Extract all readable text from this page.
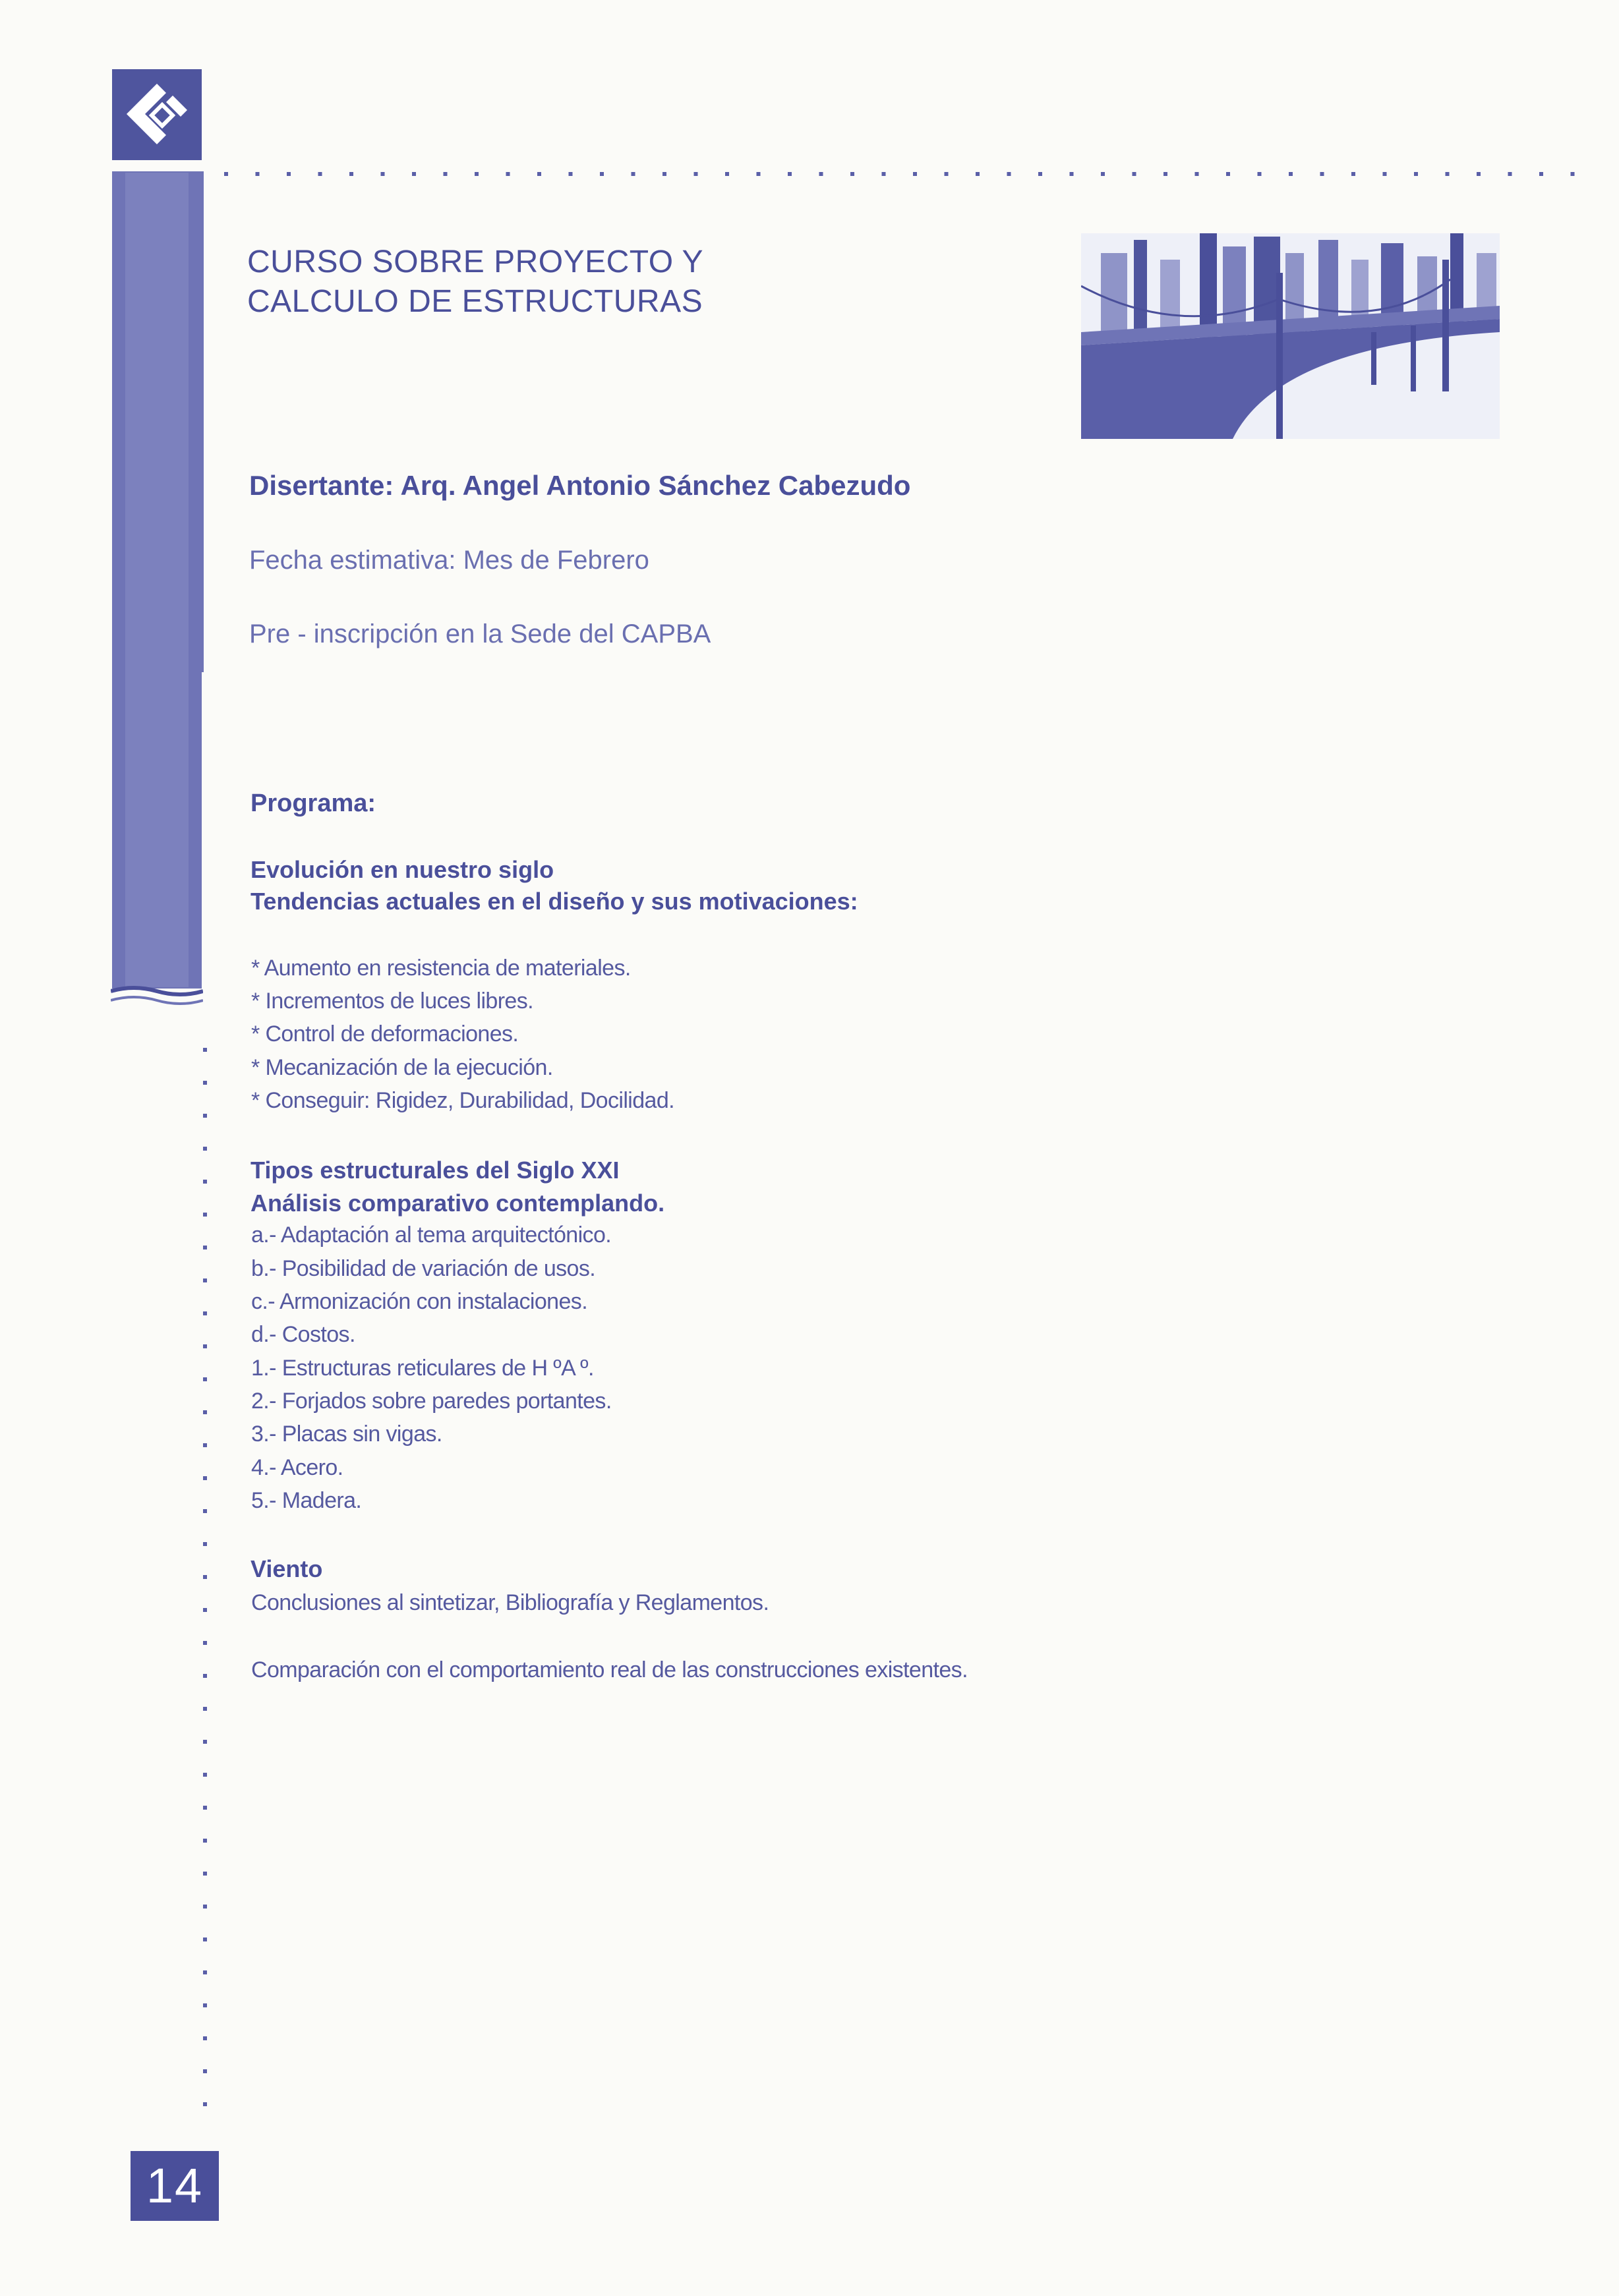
CURSO SOBRE PROYECTO Y
CALCULO DE ESTRUCTURAS
Disertante: Arq. Angel Antonio Sánchez Cabezudo
Fecha estimativa: Mes de Febrero
Pre - inscripción en la Sede del CAPBA
Programa:
Evolución en nuestro siglo
Tendencias actuales en el diseño y sus motivaciones:
* Aumento en resistencia de materiales.
* Incrementos de luces libres.
* Control de deformaciones.
* Mecanización de la ejecución.
* Conseguir: Rigidez, Durabilidad, Docilidad.
Tipos estructurales del Siglo XXI
Análisis comparativo contemplando.
a.- Adaptación al tema arquitectónico.
b.- Posibilidad de variación de usos.
c.- Armonización con instalaciones.
d.- Costos.
1.- Estructuras reticulares de H ºA º.
2.- Forjados sobre paredes portantes.
3.- Placas sin vigas.
4.- Acero.
5.- Madera.
Viento
Conclusiones al sintetizar, Bibliografía y Reglamentos.
Comparación con el comportamiento real de las construcciones existentes.
14
